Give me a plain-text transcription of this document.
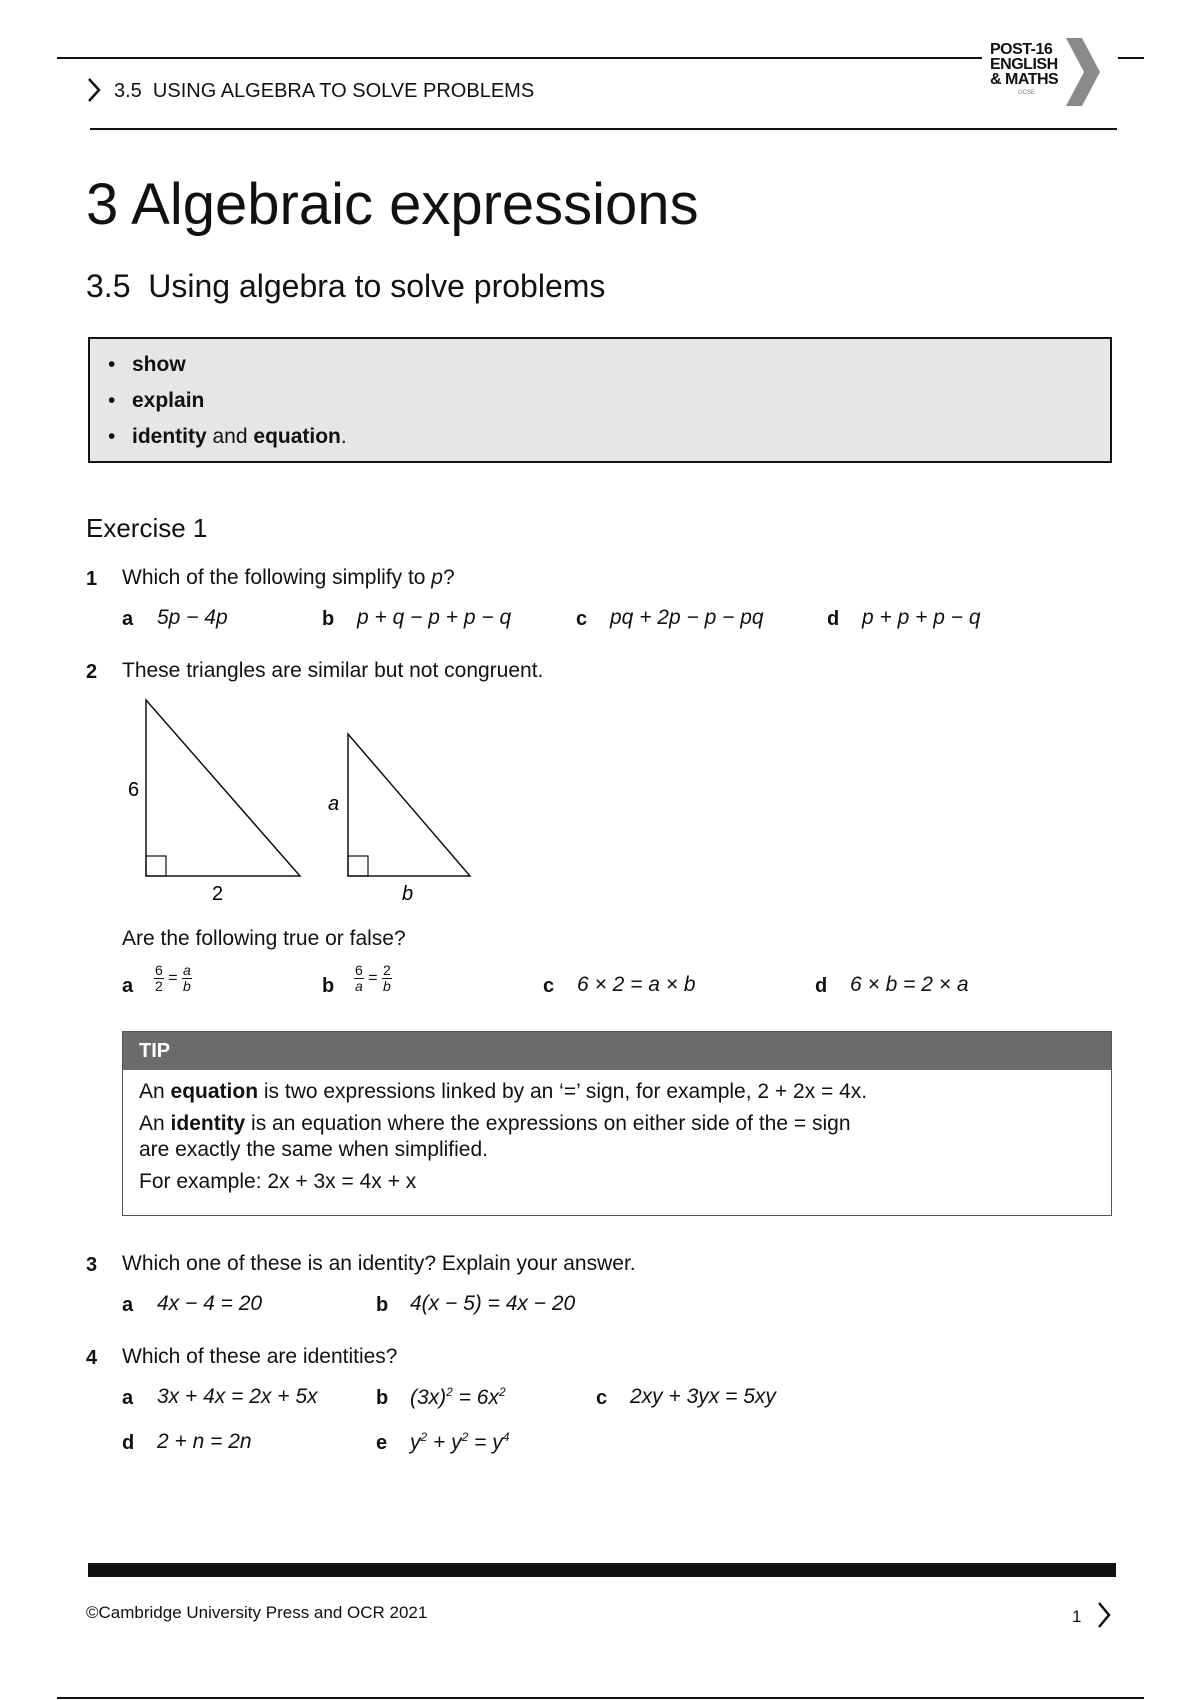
3.5  USING ALGEBRA TO SOLVE PROBLEMS
POST-16
ENGLISH
& MATHS
GCSE
3 Algebraic expressions
3.5  Using algebra to solve problems
• show
• explain
• identity and equation.
Exercise 1
1 Which of the following simplify to p?
a 5p − 4p	b p + q − p + p − q	c pq + 2p − p − pq	d p + p + p − q
2 These triangles are similar but not congruent.
6
2
a
b
Are the following true or false?
a $\frac{6}{2} = \frac{a}{b}$	b $\frac{6}{a} = \frac{2}{b}$	c 6 × 2 = a × b	d 6 × b = 2 × a
TIP
An equation is two expressions linked by an ‘=’ sign, for example, 2 + 2x = 4x.
An identity is an equation where the expressions on either side of the = sign
are exactly the same when simplified.
For example: 2x + 3x = 4x + x
3 Which one of these is an identity? Explain your answer.
a 4x − 4 = 20	b 4(x − 5) = 4x − 20
4 Which of these are identities?
a 3x + 4x = 2x + 5x	b $(3x)^2 = 6x^2$	c 2xy + 3yx = 5xy
d 2 + n = 2n	e $y^2 + y^2 = y^4$
©Cambridge University Press and OCR 2021	1
